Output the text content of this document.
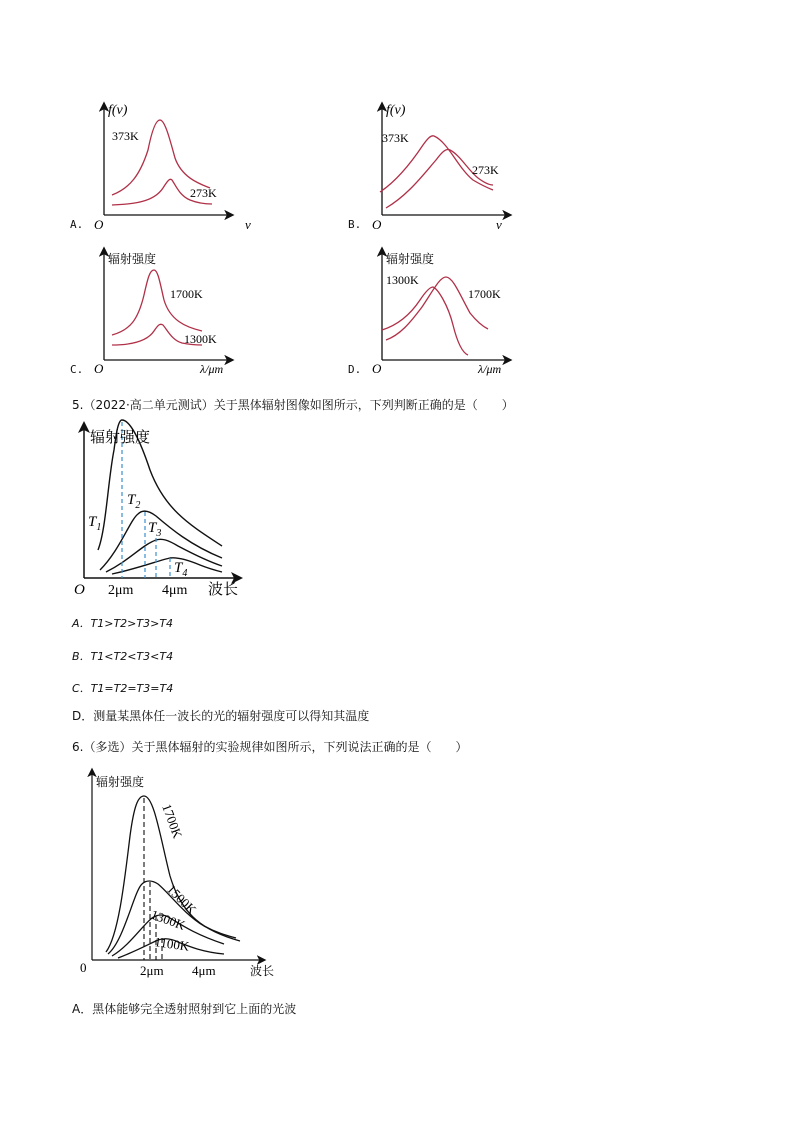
A.
f(v)
O	v
373K
273K
B.
f(v)
O	v
373K
273K
C.
辐射强度
O	λ/μm
1700K
1300K
D.
辐射强度
O	λ/μm
1300K
1700K
5.（2022·高二单元测试）关于黑体辐射图像如图所示，下列判断正确的是（　　）
辐射强度
O 2μm 4μm 波长
$T_1$
$T_2$
$T_3$
$T_4$
A．T1>T2>T3>T4
B．T1<T2<T3<T4
C．T1=T2=T3=T4
D．测量某黑体任一波长的光的辐射强度可以得知其温度
6.（多选）关于黑体辐射的实验规律如图所示，下列说法正确的是（　　）
辐射强度
0	2μm 4μm	波长
1700K
1500K
1300K
1100K
A．黑体能够完全透射照射到它上面的光波
